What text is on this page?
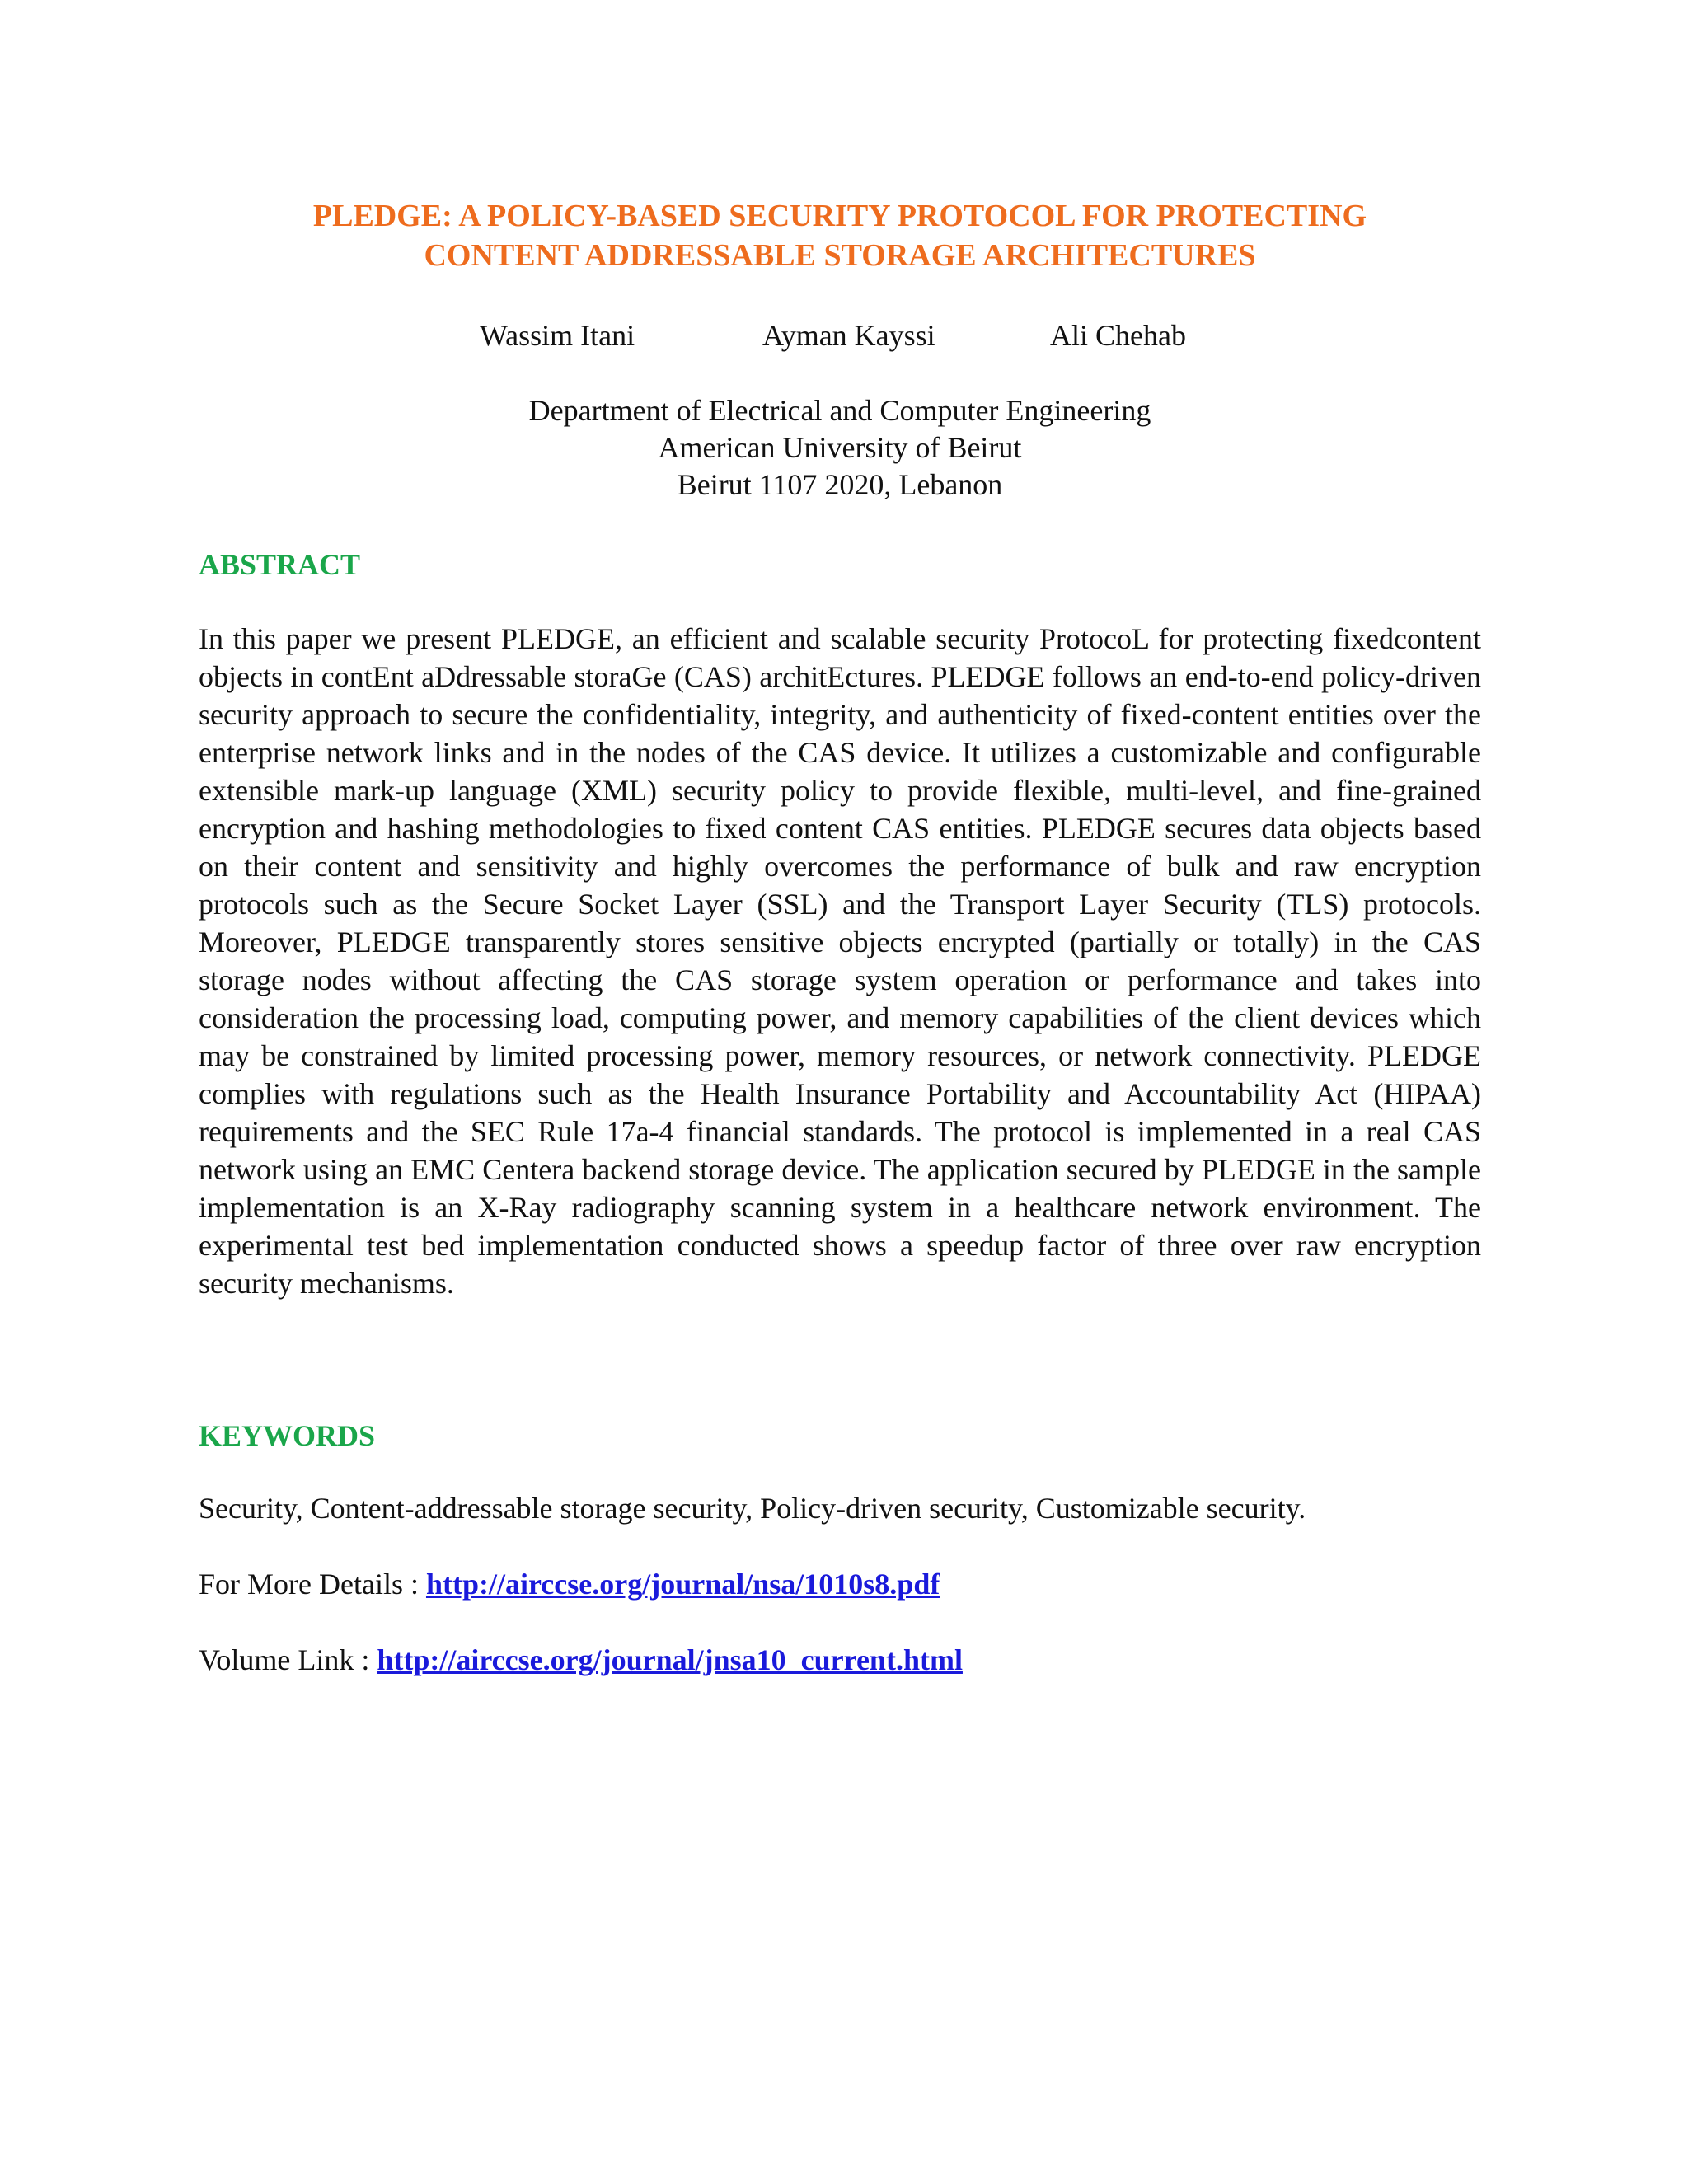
PLEDGE: A POLICY-BASED SECURITY PROTOCOL FOR PROTECTING
CONTENT ADDRESSABLE STORAGE ARCHITECTURES
Wassim Itani	Ayman Kayssi	Ali Chehab
Department of Electrical and Computer Engineering
American University of Beirut
Beirut 1107 2020, Lebanon
ABSTRACT

In this paper we present PLEDGE, an efficient and scalable security ProtocoL for protecting fixedcontent objects in contEnt aDdressable storaGe (CAS) architEctures. PLEDGE follows an end-to-end policy-driven security approach to secure the confidentiality, integrity, and authenticity of fixed-content entities over the enterprise network links and in the nodes of the CAS device. It utilizes a customizable and configurable extensible mark-up language (XML) security policy to provide flexible, multi-level, and fine-grained encryption and hashing methodologies to fixed content CAS entities. PLEDGE secures data objects based on their content and sensitivity and highly overcomes the performance of bulk and raw encryption protocols such as the Secure Socket Layer (SSL) and the Transport Layer Security (TLS) protocols. Moreover, PLEDGE transparently stores sensitive objects encrypted (partially or totally) in the CAS storage nodes without affecting the CAS storage system operation or performance and takes into consideration the processing load, computing power, and memory capabilities of the client devices which may be constrained by limited processing power, memory resources, or network connectivity. PLEDGE complies with regulations such as the Health Insurance Portability and Accountability Act (HIPAA) requirements and the SEC Rule 17a-4 financial standards. The protocol is implemented in a real CAS network using an EMC Centera backend storage device. The application secured by PLEDGE in the sample implementation is an X-Ray radiography scanning system in a healthcare network environment. The experimental test bed implementation conducted shows a speedup factor of three over raw encryption security mechanisms.

KEYWORDS

Security, Content-addressable storage security, Policy-driven security, Customizable security.

For More Details : http://airccse.org/journal/nsa/1010s8.pdf

Volume Link : http://airccse.org/journal/jnsa10_current.html
